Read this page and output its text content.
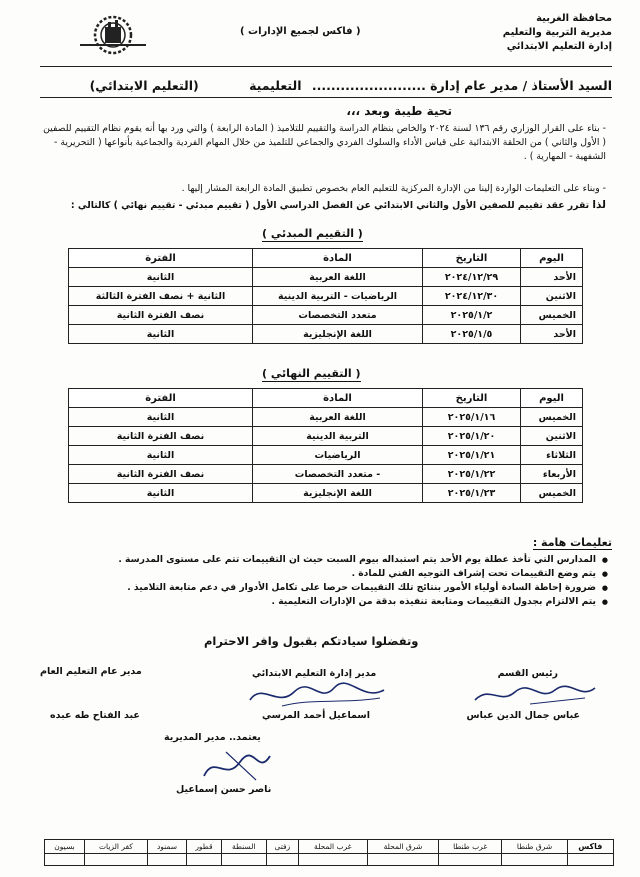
محافظة الغربية
مديرية التربية والتعليم
إدارة التعليم الابتدائي
( فاكس لجميع الإدارات )
السيد الأستاذ / مدير عام إدارة ........................ التعليمية (التعليم الابتدائي)
تحية طيبة وبعد ،،،
- بناء على القرار الوزاري رقم ١٣٦ لسنة ٢٠٢٤ والخاص بنظام الدراسة والتقييم للتلاميذ ( المادة الرابعة ) والتي ورد بها أنه يقوم نظام التقييم للصفين ( الأول والثاني ) من الحلقة الابتدائية على قياس الأداء والسلوك الفردي والجماعي للتلميذ من خلال المهام الفردية والجماعية بأنواعها ( التحريرية - الشفهية - المهارية ) .
- وبناء على التعليمات الواردة إلينا من الإدارة المركزية للتعليم العام بخصوص تطبيق المادة الرابعة المشار إليها .
لذا تقرر عقد تقييم للصفين الأول والثاني الابتدائي عن الفصل الدراسي الأول ( تقييم مبدئي - تقييم نهائي ) كالتالي :
( التقييم المبدئي )
اليوم	التاريخ	المادة	الفترة
الأحد	٢٠٢٤/١٢/٢٩	اللغة العربية	الثانية
الاثنين	٢٠٢٤/١٢/٣٠	الرياضيات - التربية الدينية	الثانية + نصف الفترة الثالثة
الخميس	٢٠٢٥/١/٢	متعدد التخصصات	نصف الفترة الثانية
الأحد	٢٠٢٥/١/٥	اللغة الإنجليزية	الثانية
( التقييم النهائي )
اليوم	التاريخ	المادة	الفترة
الخميس	٢٠٢٥/١/١٦	اللغة العربية	الثانية
الاثنين	٢٠٢٥/١/٢٠	التربية الدينية	نصف الفترة الثانية
الثلاثاء	٢٠٢٥/١/٢١	الرياضيات	الثانية
الأربعاء	٢٠٢٥/١/٢٢	- متعدد التخصصات	نصف الفترة الثانية
الخميس	٢٠٢٥/١/٢٣	اللغة الإنجليزية	الثانية
تعليمات هامة :
● المدارس التي تأخذ عطلة يوم الأحد يتم استبداله بيوم السبت حيث ان التقييمات تتم على مستوى المدرسة .
● يتم وضع التقييمات تحت إشراف التوجيه الفني للمادة .
● ضرورة إحاطة السادة أولياء الأمور بنتائج تلك التقييمات حرصا على تكامل الأدوار في دعم متابعة التلاميذ .
● يتم الالتزام بجدول التقييمات ومتابعة تنفيذه بدقة من الإدارات التعليمية .
وتفضلوا سيادتكم بقبول وافر الاحترام
رئيس القسم
مدير إدارة التعليم الابتدائي
مدير عام التعليم العام
عباس جمال الدين عباس
اسماعيل أحمد المرسي
عبد الفتاح طه عبده
يعتمد.. مدير المديرية
ناصر حسن إسماعيل
فاكس	شرق طنطا	غرب طنطا	شرق المحلة	غرب المحلة	زفتى	السنطة	قطور	سمنود	كفر الزيات	بسيون
